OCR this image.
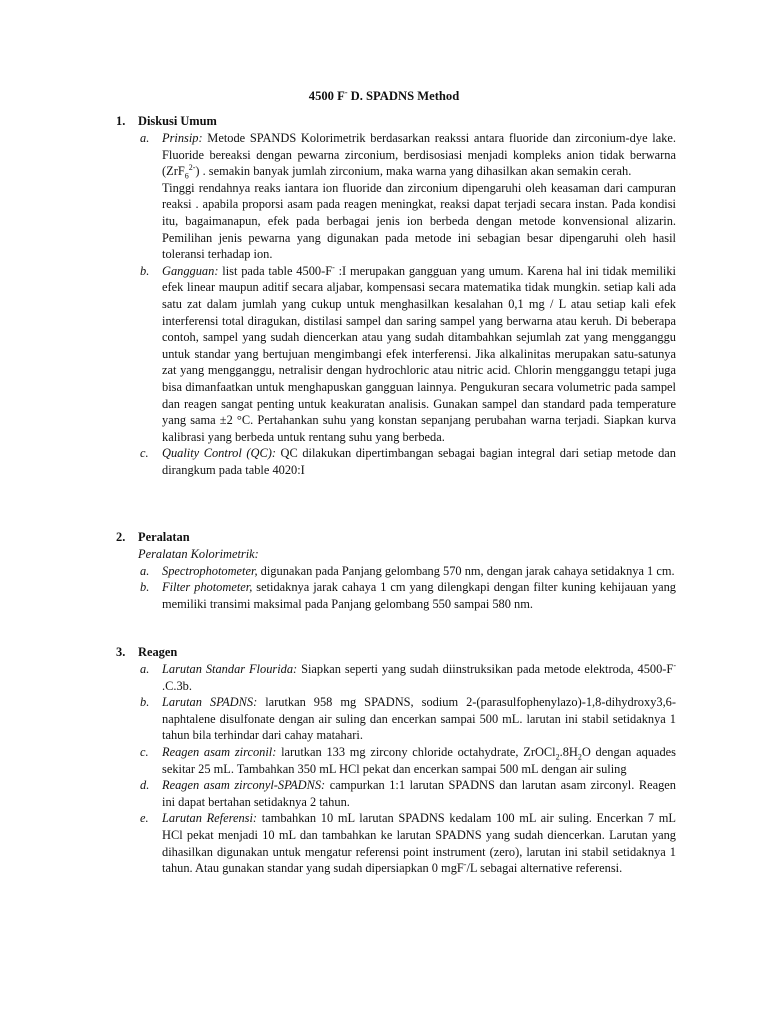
4500 F- D. SPADNS Method
1.	Diskusi Umum
a. Prinsip: Metode SPANDS Kolorimetrik berdasarkan reakssi antara fluoride dan zirconium-dye lake. Fluoride bereaksi dengan pewarna zirconium, berdisosiasi menjadi kompleks anion tidak berwarna (ZrF$_6^{2-}$) . semakin banyak jumlah zirconium, maka warna yang dihasilkan akan semakin cerah.

Tinggi rendahnya reaks iantara ion fluoride dan zirconium dipengaruhi oleh keasaman dari campuran reaksi . apabila proporsi asam pada reagen meningkat, reaksi dapat terjadi secara instan. Pada kondisi itu, bagaimanapun, efek pada berbagai jenis ion berbeda dengan metode konvensional alizarin. Pemilihan jenis pewarna yang digunakan pada metode ini sebagian besar dipengaruhi oleh hasil toleransi terhadap ion.

b. Gangguan: list pada table 4500-F- :I merupakan gangguan yang umum. Karena hal ini tidak memiliki efek linear maupun aditif secara aljabar, kompensasi secara matematika tidak mungkin. setiap kali ada satu zat dalam jumlah yang cukup untuk menghasilkan kesalahan 0,1 mg / L atau setiap kali efek interferensi total diragukan, distilasi sampel dan saring sampel yang berwarna atau keruh. Di beberapa contoh, sampel yang sudah diencerkan atau yang sudah ditambahkan sejumlah zat yang mengganggu untuk standar yang bertujuan mengimbangi efek interferensi. Jika alkalinitas merupakan satu-satunya zat yang mengganggu, netralisir dengan hydrochloric atau nitric acid. Chlorin mengganggu tetapi juga bisa dimanfaatkan untuk menghapuskan gangguan lainnya. Pengukuran secara volumetric pada sampel dan reagen sangat penting untuk keakuratan analisis. Gunakan sampel dan standard pada temperature yang sama ±2 °C. Pertahankan suhu yang konstan sepanjang perubahan warna terjadi. Siapkan kurva kalibrasi yang berbeda untuk rentang suhu yang berbeda.

c. Quality Control (QC): QC dilakukan dipertimbangan sebagai bagian integral dari setiap metode dan dirangkum pada table 4020:I

2.	Peralatan
Peralatan Kolorimetrik:
a. Spectrophotometer, digunakan pada Panjang gelombang 570 nm, dengan jarak cahaya setidaknya 1 cm.

b. Filter photometer, setidaknya jarak cahaya 1 cm yang dilengkapi dengan filter kuning kehijauan yang memiliki transimi maksimal pada Panjang gelombang 550 sampai 580 nm.

3.	Reagen
a. Larutan Standar Flourida: Siapkan seperti yang sudah diinstruksikan pada metode elektroda, 4500-F- .C.3b.

b. Larutan SPADNS: larutkan 958 mg SPADNS, sodium 2-(parasulfophenylazo)-1,8-dihydroxy3,6-naphtalene disulfonate dengan air suling dan encerkan sampai 500 mL. larutan ini stabil setidaknya 1 tahun bila terhindar dari cahay matahari.

c. Reagen asam zirconil: larutkan 133 mg zircony chloride octahydrate, $ZrOCl_2.8H_2O$ dengan aquades sekitar 25 mL. Tambahkan 350 mL HCl pekat dan encerkan sampai 500 mL dengan air suling

d. Reagen asam zirconyl-SPADNS: campurkan 1:1 larutan SPADNS dan larutan asam zirconyl. Reagen ini dapat bertahan setidaknya 2 tahun.

e. Larutan Referensi: tambahkan 10 mL larutan SPADNS kedalam 100 mL air suling. Encerkan 7 mL HCl pekat menjadi 10 mL dan tambahkan ke larutan SPADNS yang sudah diencerkan. Larutan yang dihasilkan digunakan untuk mengatur referensi point instrument (zero), larutan ini stabil setidaknya 1 tahun. Atau gunakan standar yang sudah dipersiapkan 0 mgF-/L sebagai alternative referensi.
